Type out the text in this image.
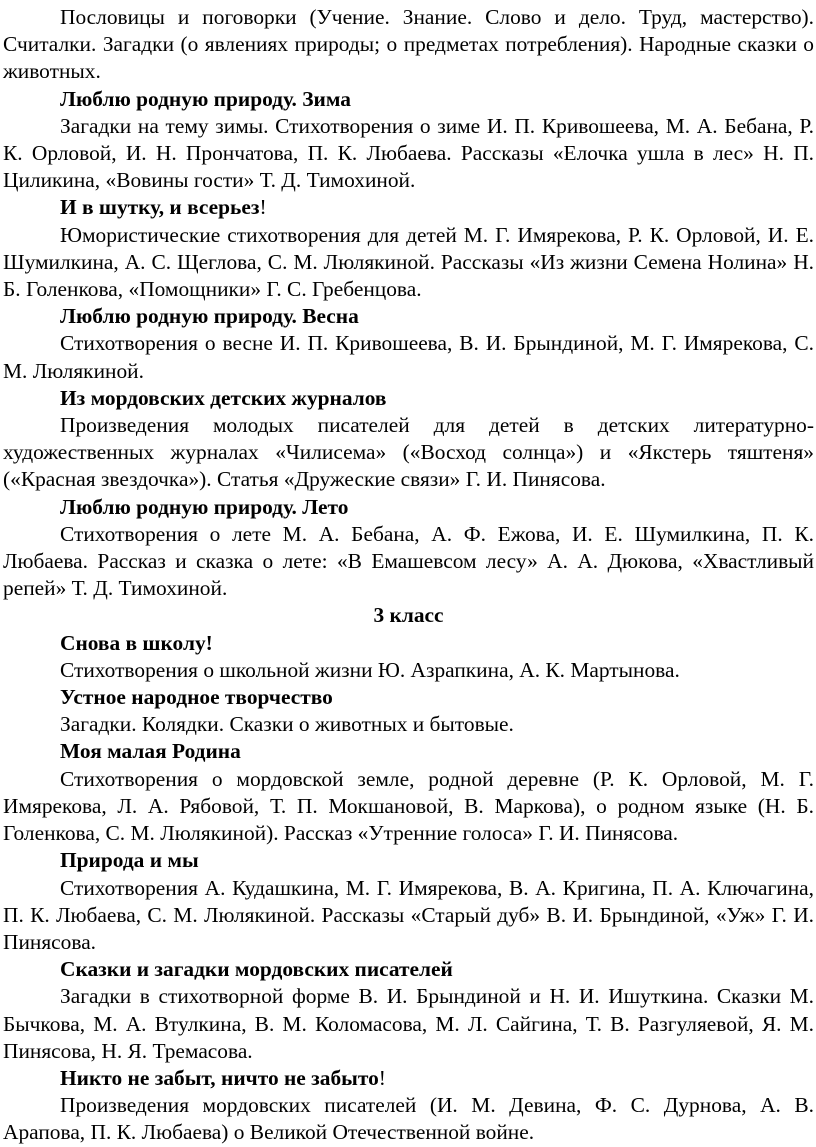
Пословицы и поговорки (Учение. Знание. Слово и дело. Труд, мастерство). Считалки. Загадки (о явлениях природы; о предметах потребления). Народные сказки о животных.

Люблю родную природу. Зима

Загадки на тему зимы. Стихотворения о зиме И. П. Кривошеева, М. А. Бебана, Р. К. Орловой, И. Н. Прончатова, П. К. Любаева. Рассказы «Елочка ушла в лес» Н. П. Циликина, «Вовины гости» Т. Д. Тимохиной.

И в шутку, и всерьез!

Юмористические стихотворения для детей М. Г. Имярекова, Р. К. Орловой, И. Е. Шумилкина, А. С. Щеглова, С. М. Люлякиной. Рассказы «Из жизни Семена Нолина» Н. Б. Голенкова, «Помощники» Г. С. Гребенцова.

Люблю родную природу. Весна

Стихотворения о весне И. П. Кривошеева, В. И. Брындиной, М. Г. Имярекова, С. М. Люлякиной.

Из мордовских детских журналов

Произведения молодых писателей для детей в детских литературно-художественных журналах «Чилисема» («Восход солнца») и «Якстерь тяштеня» («Красная звездочка»). Статья «Дружеские связи» Г. И. Пинясова.

Люблю родную природу. Лето

Стихотворения о лете М. А. Бебана, А. Ф. Ежова, И. Е. Шумилкина, П. К. Любаева. Рассказ и сказка о лете: «В Емашевсом лесу» А. А. Дюкова, «Хвастливый репей» Т. Д. Тимохиной.

3 класс

Снова в школу!

Стихотворения о школьной жизни Ю. Азрапкина, А. К. Мартынова.

Устное народное творчество

Загадки. Колядки. Сказки о животных и бытовые.

Моя малая Родина

Стихотворения о мордовской земле, родной деревне (Р. К. Орловой, М. Г. Имярекова, Л. А. Рябовой, Т. П. Мокшановой, В. Маркова), о родном языке (Н. Б. Голенкова, С. М. Люлякиной). Рассказ «Утренние голоса» Г. И. Пинясова.

Природа и мы

Стихотворения А. Кудашкина, М. Г. Имярекова, В. А. Кригина, П. А. Ключагина, П. К. Любаева, С. М. Люлякиной. Рассказы «Старый дуб» В. И. Брындиной, «Уж» Г. И. Пинясова.

Сказки и загадки мордовских писателей

Загадки в стихотворной форме В. И. Брындиной и Н. И. Ишуткина. Сказки М. Бычкова, М. А. Втулкина, В. М. Коломасова, М. Л. Сайгина, Т. В. Разгуляевой, Я. М. Пинясова, Н. Я. Тремасова.

Никто не забыт, ничто не забыто!

Произведения мордовских писателей (И. М. Девина, Ф. С. Дурнова, А. В. Арапова, П. К. Любаева) о Великой Отечественной войне.
